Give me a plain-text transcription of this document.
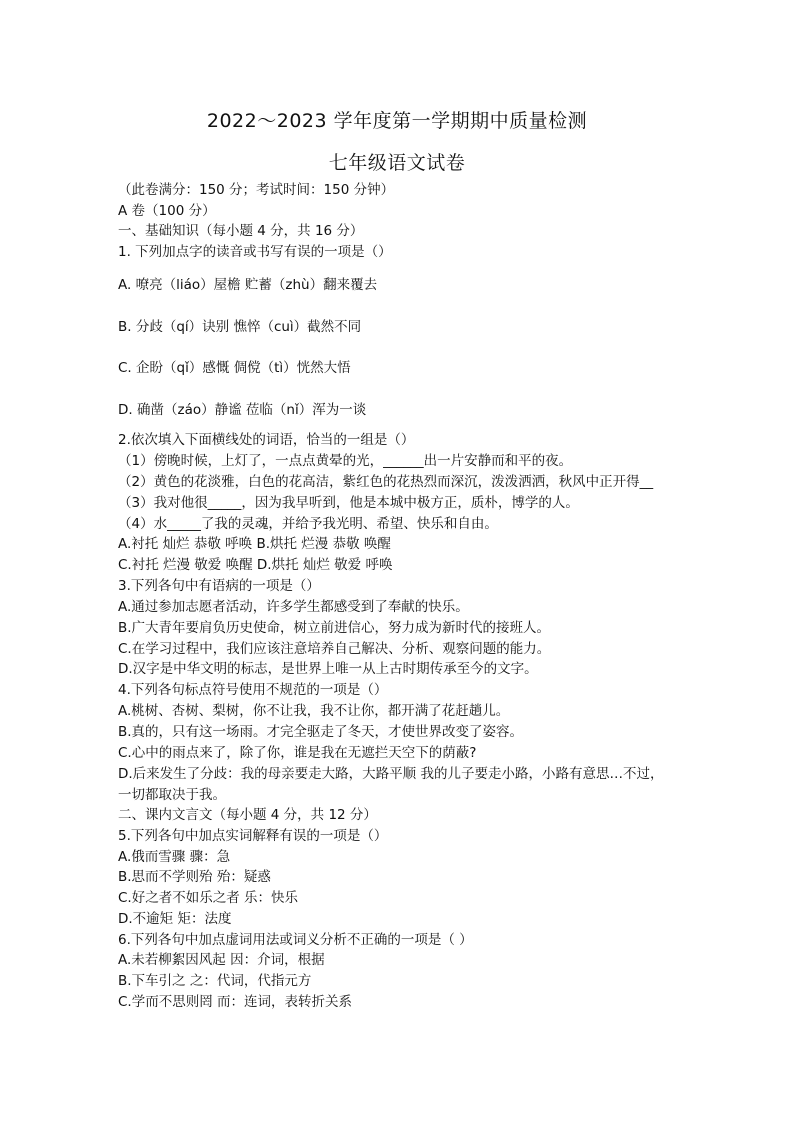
2022～2023 学年度第一学期期中质量检测
七年级语文试卷
（此卷满分：150 分；考试时间：150 分钟）
A 卷（100 分）
一、基础知识（每小题 4 分，共 16 分）
1. 下列加点字的读音或书写有误的一项是（）
A. 嘹亮（liáo）屋檐 贮蓄（zhù）翻来覆去
B. 分歧（qí）诀别 憔悴（cuì）截然不同
C. 企盼（qǐ）感慨 倜傥（tì）恍然大悟
D. 确凿（záo）静谧 莅临（nǐ）浑为一谈
2.依次填入下面横线处的词语，恰当的一组是（）
（1）傍晚时候，上灯了，一点点黄晕的光，______出一片安静而和平的夜。
（2）黄色的花淡雅，白色的花高洁，紫红色的花热烈而深沉，泼泼洒洒，秋风中正开得__
（3）我对他很_____，因为我早听到，他是本城中极方正，质朴，博学的人。
（4）水_____了我的灵魂，并给予我光明、希望、快乐和自由。
A.衬托 灿烂 恭敬 呼唤 B.烘托 烂漫 恭敬 唤醒
C.衬托 烂漫 敬爱 唤醒 D.烘托 灿烂 敬爱 呼唤
3.下列各句中有语病的一项是（）
A.通过参加志愿者活动，许多学生都感受到了奉献的快乐。
B.广大青年要肩负历史使命，树立前进信心，努力成为新时代的接班人。
C.在学习过程中，我们应该注意培养自己解决、分析、观察问题的能力。
D.汉字是中华文明的标志，是世界上唯一从上古时期传承至今的文字。
4.下列各句标点符号使用不规范的一项是（）
A.桃树、杏树、梨树，你不让我，我不让你，都开满了花赶趟儿。
B.真的，只有这一场雨。才完全驱走了冬天，才使世界改变了姿容。
C.心中的雨点来了，除了你，谁是我在无遮拦天空下的荫蔽?
D.后来发生了分歧：我的母亲要走大路，大路平顺 我的儿子要走小路，小路有意思…不过，
一切都取决于我。
二、课内文言文（每小题 4 分，共 12 分）
5.下列各句中加点实词解释有误的一项是（）
A.俄而雪骤 骤：急
B.思而不学则殆 殆：疑惑
C.好之者不如乐之者 乐：快乐
D.不逾矩 矩：法度
6.下列各句中加点虚词用法或词义分析不正确的一项是（ ）
A.未若柳絮因风起 因：介词，根据
B.下车引之 之：代词，代指元方
C.学而不思则罔 而：连词，表转折关系
